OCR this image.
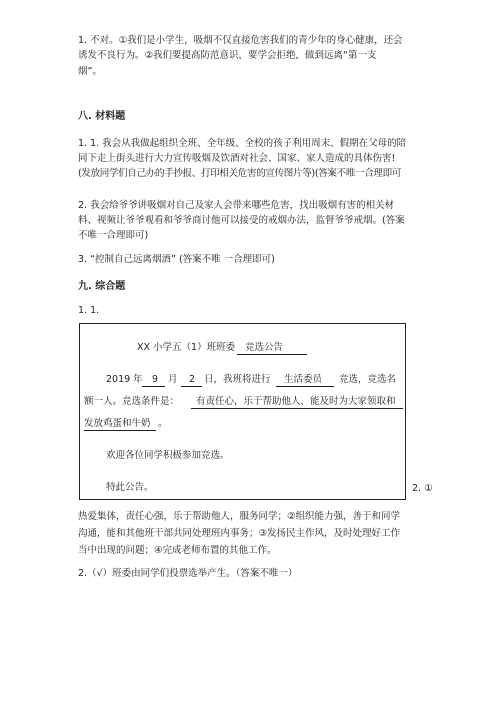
1. 不对。①我们是小学生，吸烟不仅直接危害我们的青少年的身心健康，还会

诱发不良行为。②我们要提高防范意识，要学会拒绝，做到远离“第一支

烟”。

八. 材料题

1. 1. 我会从我做起组织全班、全年级、全校的孩子利用周末、假期在父母的陪

同下走上街头进行大力宣传吸烟及饮酒对社会、国家、家人造成的具体伤害!

(发放同学们自己办的手抄报、打印相关危害的宣传图片等)(答案不唯一合理即可

2. 我会给爷爷讲吸烟对自己及家人会带来哪些危害，找出吸烟有害的相关材

料、视频让爷爷观看和爷爷商讨他可以接受的戒烟办法，监督爷爷戒烟。(答案

不唯一合理即可)

3. “控制自己远离烟酒” (答案不唯 一合理即可)

九. 综合题

1. 1.

XX 小学五（1）班班委 竞选公告
2019 年 9 月 2 日，我班将进行 生活委员 竞选，竞选名
额一人。竞选条件是： 有责任心，乐于帮助他人，能及时为大家领取和
发放鸡蛋和牛奶 。
欢迎各位同学积极参加竞选。
特此公告。	2. ①

热爱集体，责任心强，乐于帮助他人，服务同学；②组织能力强，善于和同学

沟通，能和其他班干部共同处理班内事务；③发扬民主作风，及时处理好工作

当中出现的问题；④完成老师布置的其他工作。

2.（√）班委由同学们投票选举产生。（答案不唯一）
